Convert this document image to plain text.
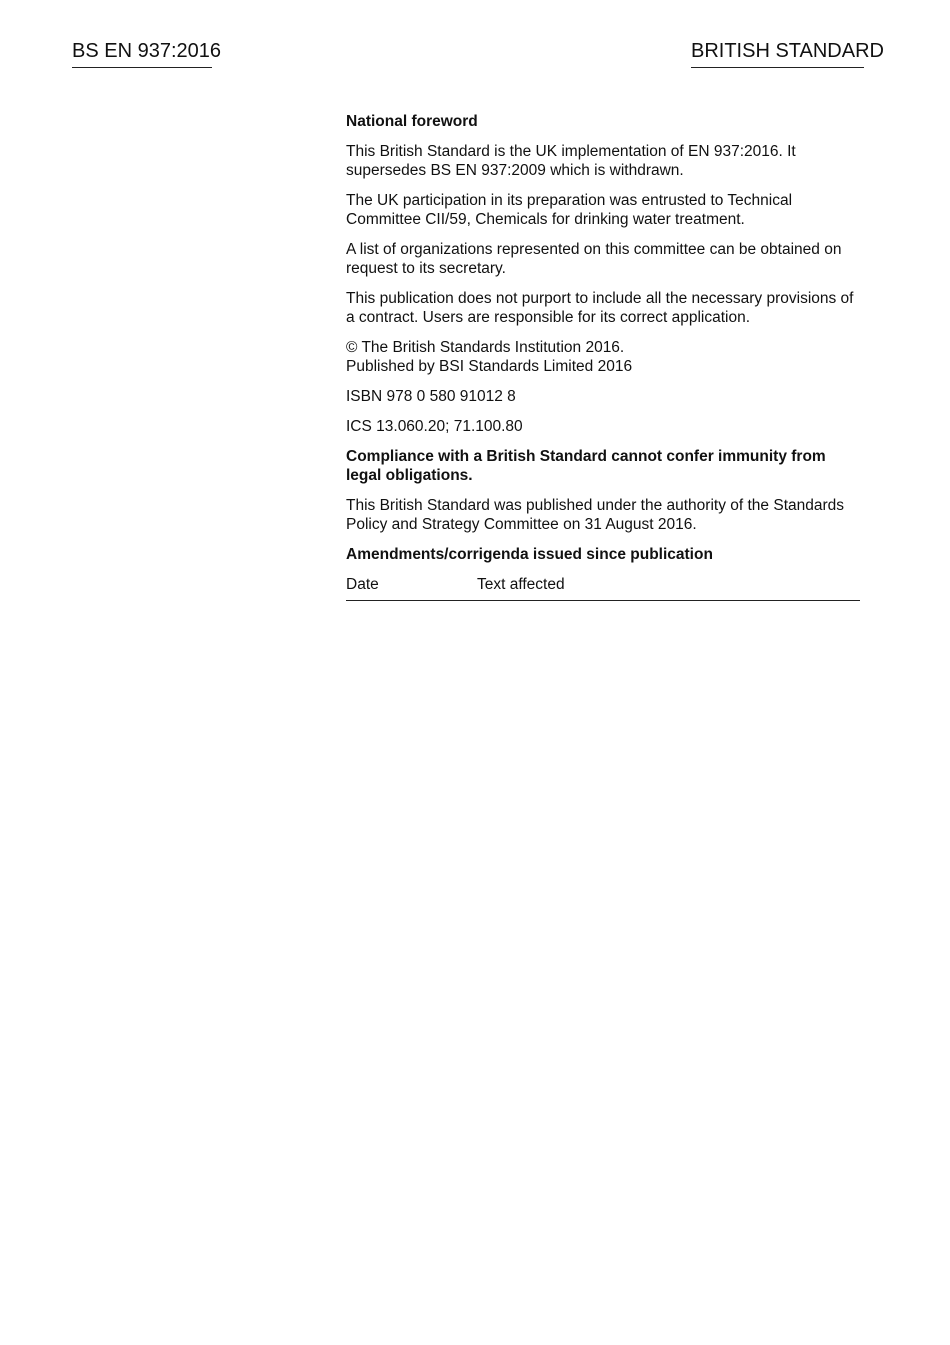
BS EN 937:2016	BRITISH STANDARD

National foreword

This British Standard is the UK implementation of EN 937:2016. It supersedes BS EN 937:2009 which is withdrawn.

The UK participation in its preparation was entrusted to Technical Committee CII/59, Chemicals for drinking water treatment.

A list of organizations represented on this committee can be obtained on request to its secretary.

This publication does not purport to include all the necessary provisions of a contract. Users are responsible for its correct application.

© The British Standards Institution 2016.
Published by BSI Standards Limited 2016

ISBN 978 0 580 91012 8

ICS 13.060.20; 71.100.80

Compliance with a British Standard cannot confer immunity from legal obligations.

This British Standard was published under the authority of the Standards Policy and Strategy Committee on 31 August 2016.

Amendments/corrigenda issued since publication

Date	Text affected
